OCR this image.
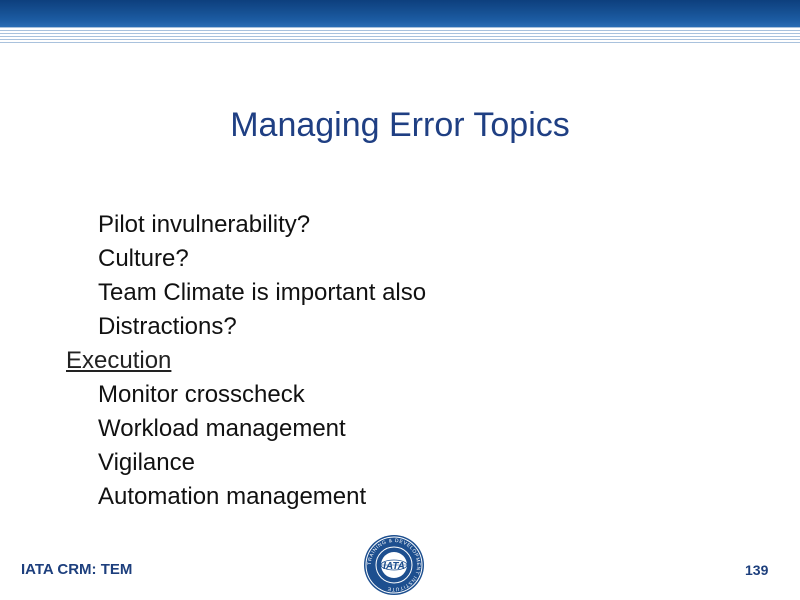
Managing Error Topics
Pilot invulnerability?
Culture?
Team Climate is important also
Distractions?
Execution
Monitor crosscheck
Workload management
Vigilance
Automation management
IATA CRM: TEM	TRAINING & DEVELOPMENT INSTITUTE
IATA	139
